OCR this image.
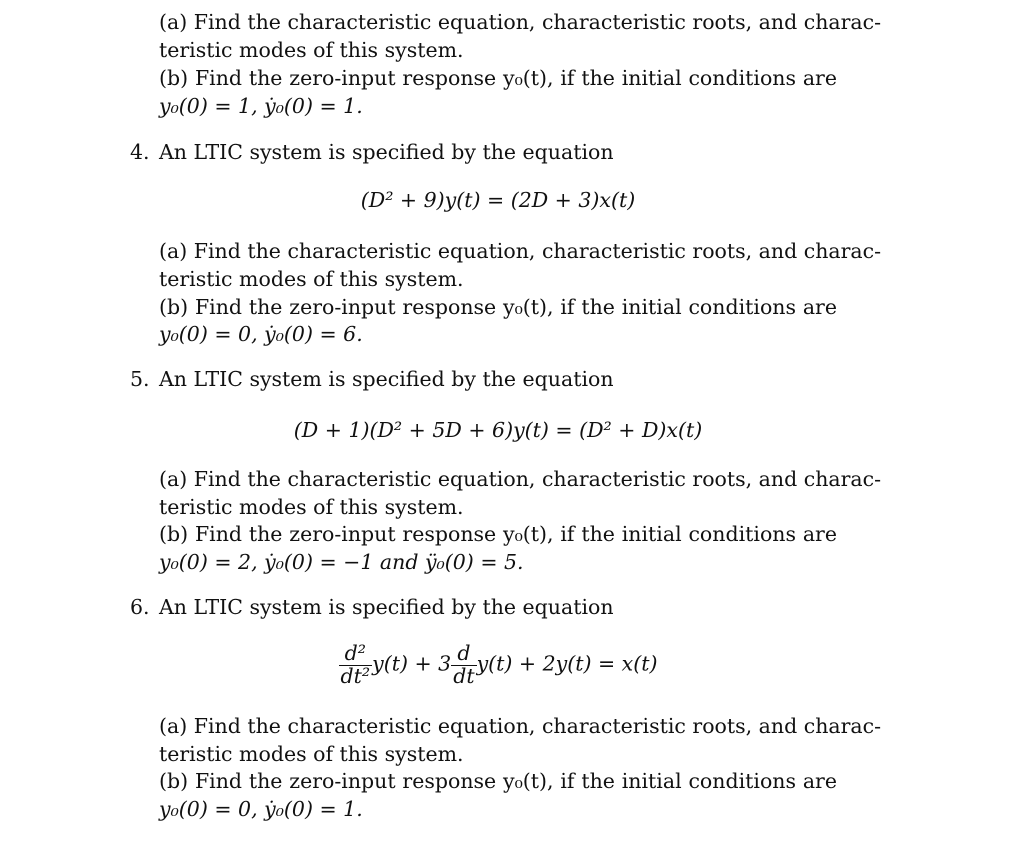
(a) Find the characteristic equation, characteristic roots, and charac-
teristic modes of this system.
(b) Find the zero-input response y₀(t), if the initial conditions are
y₀(0) = 1, ẏ₀(0) = 1.
4. An LTIC system is specified by the equation
(D² + 9)y(t) = (2D + 3)x(t)
(a) Find the characteristic equation, characteristic roots, and charac-
teristic modes of this system.
(b) Find the zero-input response y₀(t), if the initial conditions are
y₀(0) = 0, ẏ₀(0) = 6.
5. An LTIC system is specified by the equation
(D + 1)(D² + 5D + 6)y(t) = (D² + D)x(t)
(a) Find the characteristic equation, characteristic roots, and charac-
teristic modes of this system.
(b) Find the zero-input response y₀(t), if the initial conditions are
y₀(0) = 2, ẏ₀(0) = −1 and ÿ₀(0) = 5.
6. An LTIC system is specified by the equation
$\frac{\text{d²}}{\text{dt²}} y(t) + 3 \frac{d}{dt} y(t) + 2y(t) = x(t)$
(a) Find the characteristic equation, characteristic roots, and charac-
teristic modes of this system.
(b) Find the zero-input response y₀(t), if the initial conditions are
y₀(0) = 0, ẏ₀(0) = 1.
